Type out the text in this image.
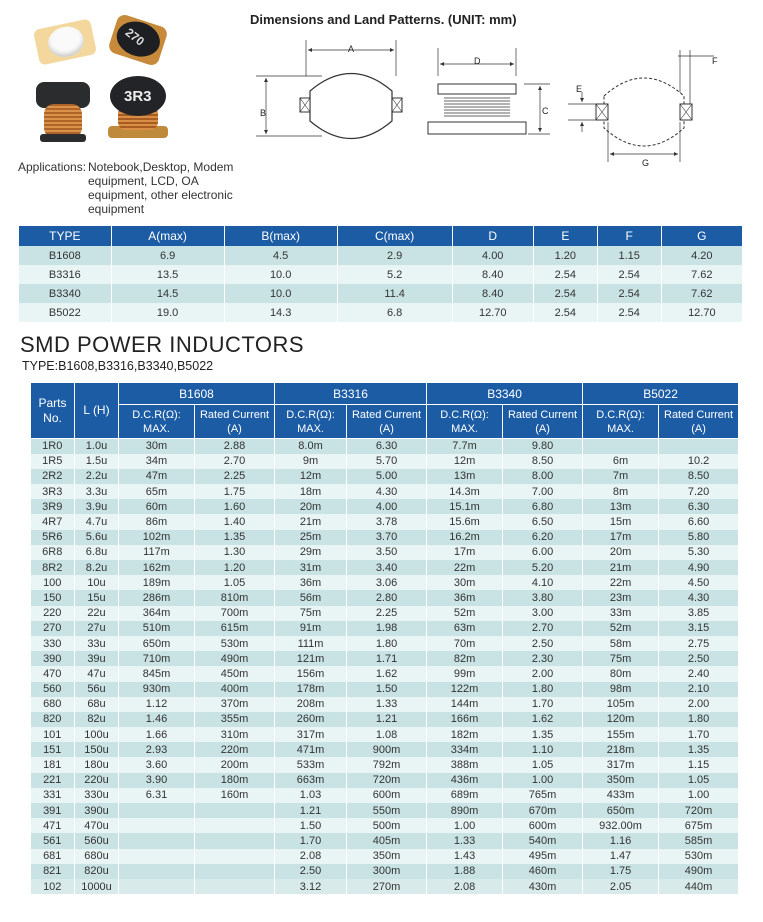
270
3R3
Applications: Notebook,Desktop, Modem equipment, LCD, OA equipment, other electronic equipment
Dimensions and Land Patterns. (UNIT: mm)
A
B
D
C
F
E
G
TYPE	A(max)	B(max)	C(max)	D	E	F	G
B1608	6.9	4.5	2.9	4.00	1.20	1.15	4.20
B3316	13.5	10.0	5.2	8.40	2.54	2.54	7.62
B3340	14.5	10.0	11.4	8.40	2.54	2.54	7.62
B5022	19.0	14.3	6.8	12.70	2.54	2.54	12.70
SMD POWER INDUCTORS
TYPE:B1608,B3316,B3340,B5022
Parts No.	L (H)	B1608		B3316		B3340		B5022	
		D.C.R(Ω): MAX.	Rated Current (A)	D.C.R(Ω): MAX.	Rated Current (A)	D.C.R(Ω): MAX.	Rated Current (A)	D.C.R(Ω): MAX.	Rated Current (A)
1R0	1.0u	30m	2.88	8.0m	6.30	7.7m	9.80		
1R5	1.5u	34m	2.70	9m	5.70	12m	8.50	6m	10.2
2R2	2.2u	47m	2.25	12m	5.00	13m	8.00	7m	8.50
3R3	3.3u	65m	1.75	18m	4.30	14.3m	7.00	8m	7.20
3R9	3.9u	60m	1.60	20m	4.00	15.1m	6.80	13m	6.30
4R7	4.7u	86m	1.40	21m	3.78	15.6m	6.50	15m	6.60
5R6	5.6u	102m	1.35	25m	3.70	16.2m	6.20	17m	5.80
6R8	6.8u	117m	1.30	29m	3.50	17m	6.00	20m	5.30
8R2	8.2u	162m	1.20	31m	3.40	22m	5.20	21m	4.90
100	10u	189m	1.05	36m	3.06	30m	4.10	22m	4.50
150	15u	286m	810m	56m	2.80	36m	3.80	23m	4.30
220	22u	364m	700m	75m	2.25	52m	3.00	33m	3.85
270	27u	510m	615m	91m	1.98	63m	2.70	52m	3.15
330	33u	650m	530m	111m	1.80	70m	2.50	58m	2.75
390	39u	710m	490m	121m	1.71	82m	2.30	75m	2.50
470	47u	845m	450m	156m	1.62	99m	2.00	80m	2.40
560	56u	930m	400m	178m	1.50	122m	1.80	98m	2.10
680	68u	1.12	370m	208m	1.33	144m	1.70	105m	2.00
820	82u	1.46	355m	260m	1.21	166m	1.62	120m	1.80
101	100u	1.66	310m	317m	1.08	182m	1.35	155m	1.70
151	150u	2.93	220m	471m	900m	334m	1.10	218m	1.35
181	180u	3.60	200m	533m	792m	388m	1.05	317m	1.15
221	220u	3.90	180m	663m	720m	436m	1.00	350m	1.05
331	330u	6.31	160m	1.03	600m	689m	765m	433m	1.00
391	390u			1.21	550m	890m	670m	650m	720m
471	470u			1.50	500m	1.00	600m	932.00m	675m
561	560u			1.70	405m	1.33	540m	1.16	585m
681	680u			2.08	350m	1.43	495m	1.47	530m
821	820u			2.50	300m	1.88	460m	1.75	490m
102	1000u			3.12	270m	2.08	430m	2.05	440m
